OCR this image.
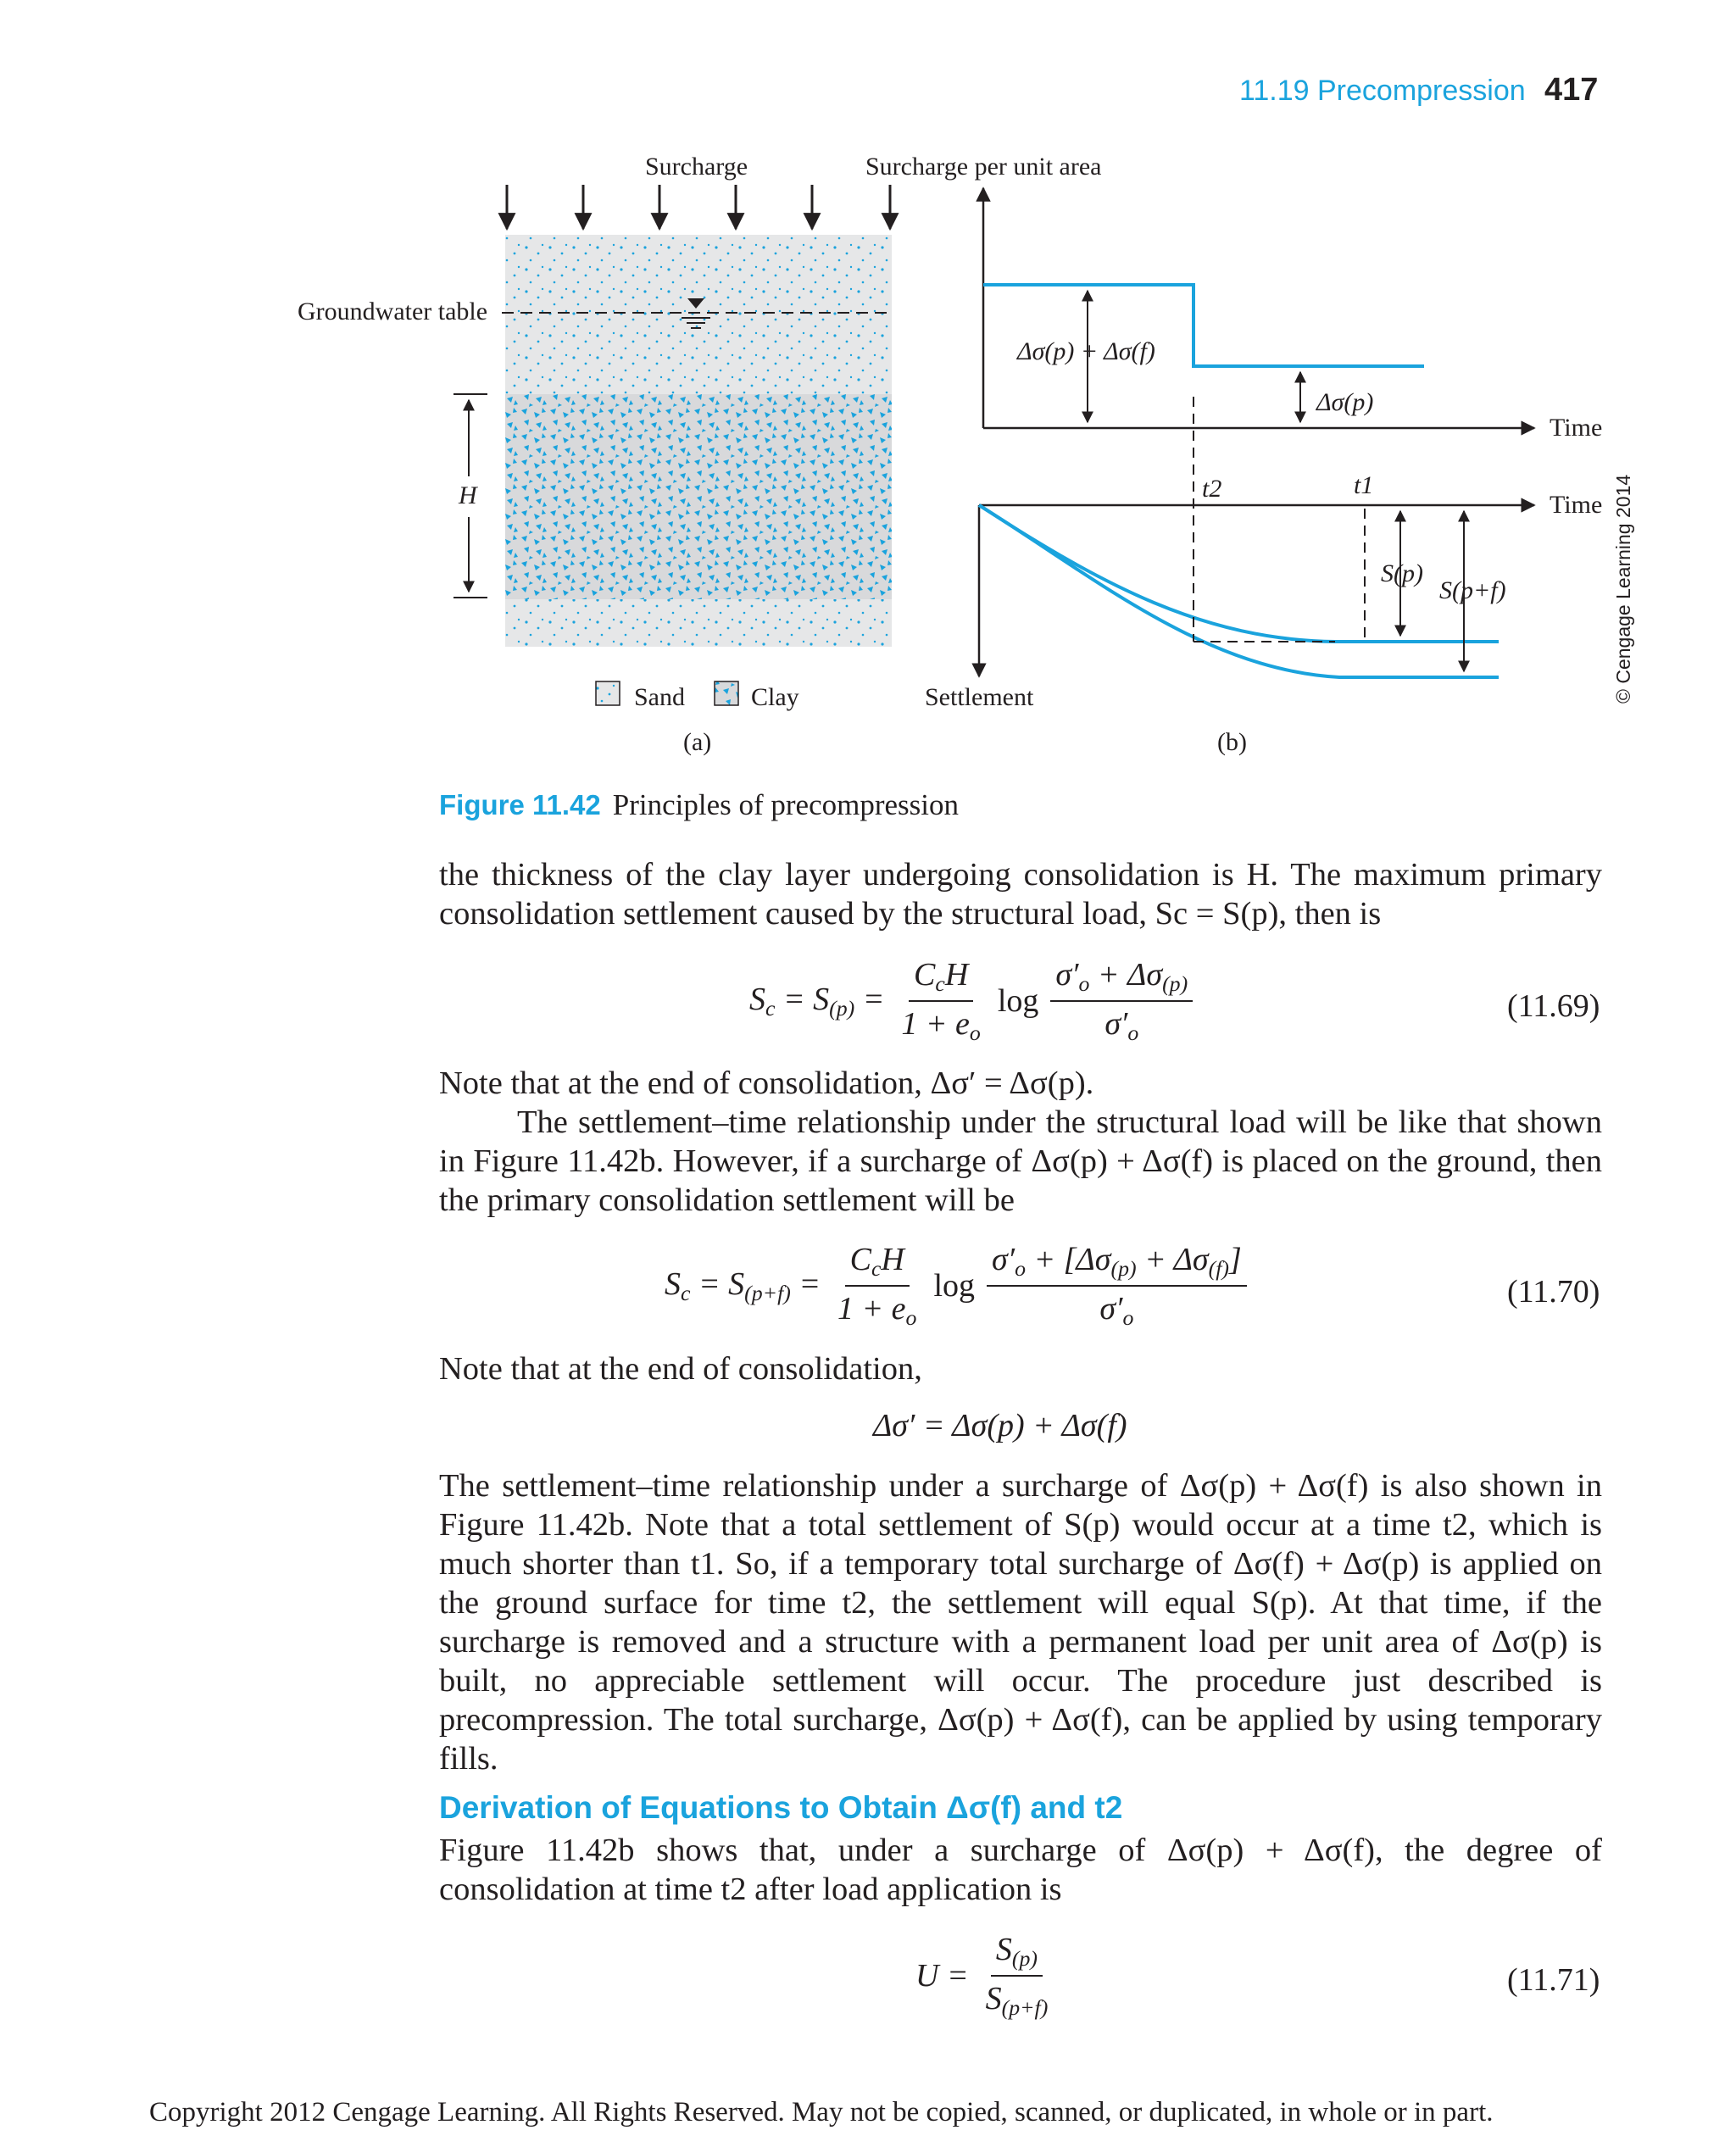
11.19 Precompression 417
Surcharge	Surcharge per unit area
Groundwater table
H
Sand	Clay	Settlement
Time
Time
(a)	(b)
t2	t1
Δσ(p) + Δσ(f)
Δσ(p)
S(p)
S(p+f)	© Cengage Learning 2014
Figure 11.42 Principles of precompression
the thickness of the clay layer undergoing consolidation is H. The maximum primary consolidation settlement caused by the structural load, Sc = S(p), then is
$S_c = S_{(p)} = \frac{C_cH}{1 + e_o}$ $\log \frac{\sigma'_o + \Delta\sigma_{(p)}}{\sigma'_o}$	(11.69)
Note that at the end of consolidation, Δσ′ = Δσ(p).
The settlement–time relationship under the structural load will be like that shown in Figure 11.42b. However, if a surcharge of Δσ(p) + Δσ(f) is placed on the ground, then the primary consolidation settlement will be
$S_c = S_{(p+f)} = \frac{C_cH}{1 + e_o}$ $\log \frac{\sigma'_o + [\Delta\sigma_{(p)} + \Delta\sigma_{(f)}]}{\sigma'_o}$	(11.70)
Note that at the end of consolidation,
Δσ′ = Δσ(p) + Δσ(f)
The settlement–time relationship under a surcharge of Δσ(p) + Δσ(f) is also shown in Figure 11.42b. Note that a total settlement of S(p) would occur at a time t2, which is much shorter than t1. So, if a temporary total surcharge of Δσ(f) + Δσ(p) is applied on the ground surface for time t2, the settlement will equal S(p). At that time, if the surcharge is removed and a structure with a permanent load per unit area of Δσ(p) is built, no appreciable settlement will occur. The procedure just described is precompression. The total surcharge, Δσ(p) + Δσ(f), can be applied by using temporary fills.
Derivation of Equations to Obtain Δσ(f) and t2
Figure 11.42b shows that, under a surcharge of Δσ(p) + Δσ(f), the degree of consolidation at time t2 after load application is
$U = \frac{S_{(p)}}{S_{(p+f)}}$	(11.71)
Copyright 2012 Cengage Learning. All Rights Reserved. May not be copied, scanned, or duplicated, in whole or in part.
